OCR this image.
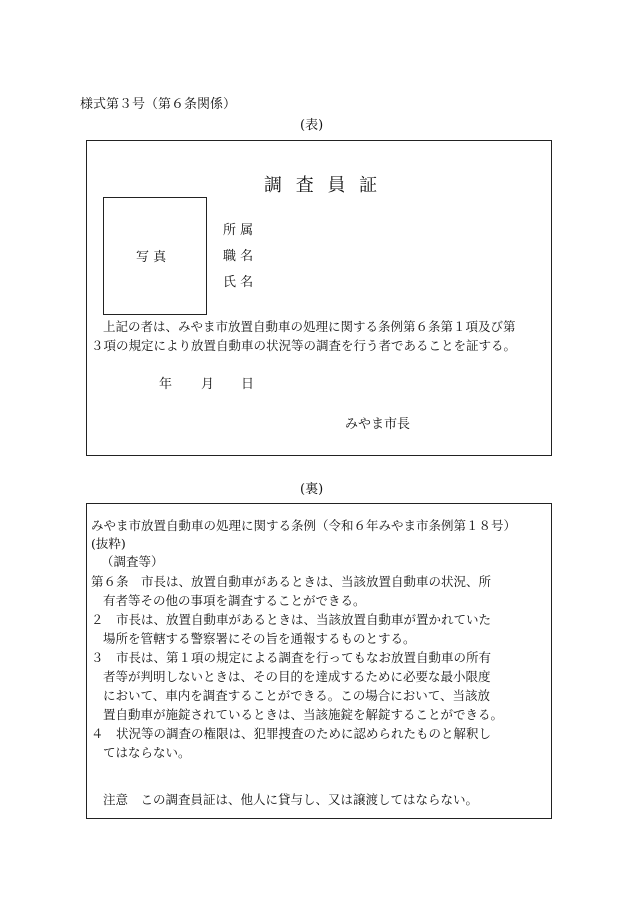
様式第３号（第６条関係）
(表)
調 査 員 証
写 真
所 属
職 名
氏 名
上記の者は、みやま市放置自動車の処理に関する条例第６条第１項及び第
３項の規定により放置自動車の状況等の調査を行う者であることを証する。
年 月 日
みやま市長
(裏)
みやま市放置自動車の処理に関する条例（令和６年みやま市条例第１８号）
(抜粋)
（調査等）
第６条　市長は、放置自動車があるときは、当該放置自動車の状況、所
有者等その他の事項を調査することができる。
２　市長は、放置自動車があるときは、当該放置自動車が置かれていた
場所を管轄する警察署にその旨を通報するものとする。
３　市長は、第１項の規定による調査を行ってもなお放置自動車の所有
者等が判明しないときは、その目的を達成するために必要な最小限度
において、車内を調査することができる。この場合において、当該放
置自動車が施錠されているときは、当該施錠を解錠することができる。
４　状況等の調査の権限は、犯罪捜査のために認められたものと解釈し
てはならない。
注意　この調査員証は、他人に貸与し、又は譲渡してはならない。
